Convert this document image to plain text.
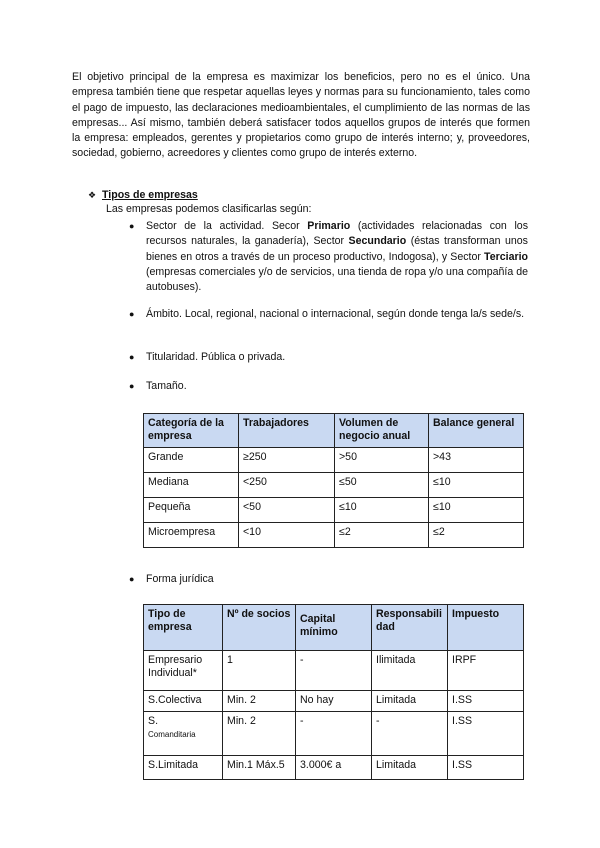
El objetivo principal de la empresa es maximizar los beneficios, pero no es el único. Una empresa también tiene que respetar aquellas leyes y normas para su funcionamiento, tales como el pago de impuesto, las declaraciones medioambientales, el cumplimiento de las normas de las empresas... Así mismo, también deberá satisfacer todos aquellos grupos de interés que formen la empresa: empleados, gerentes y propietarios como grupo de interés interno; y, proveedores, sociedad, gobierno, acreedores y clientes como grupo de interés externo.

❖ Tipos de empresas
Las empresas podemos clasificarlas según:

● Sector de la actividad. Secor Primario (actividades relacionadas con los recursos naturales, la ganadería), Sector Secundario (éstas transforman unos bienes en otros a través de un proceso productivo, Indogosa), y Sector Terciario (empresas comerciales y/o de servicios, una tienda de ropa y/o una compañía de autobuses).

● Ámbito. Local, regional, nacional o internacional, según donde tenga la/s sede/s.

● Titularidad. Pública o privada.

● Tamaño.

Categoría de la empresa	Trabajadores	Volumen de negocio anual	Balance general
Grande	≥250	>50	>43
Mediana	<250	≤50	≤10
Pequeña	<50	≤10	≤10
Microempresa	<10	≤2	≤2

● Forma jurídica

Tipo de empresa	Nº de socios	Capital mínimo	Responsabilidad	Impuesto
Empresario Individual*	1	-	Ilimitada	IRPF
S.Colectiva	Min. 2	No hay	Limitada	I.SS
S.
Comanditaria	Min. 2	-	-	I.SS
S.Limitada	Min.1 Máx.5	3.000€ a	Limitada	I.SS
